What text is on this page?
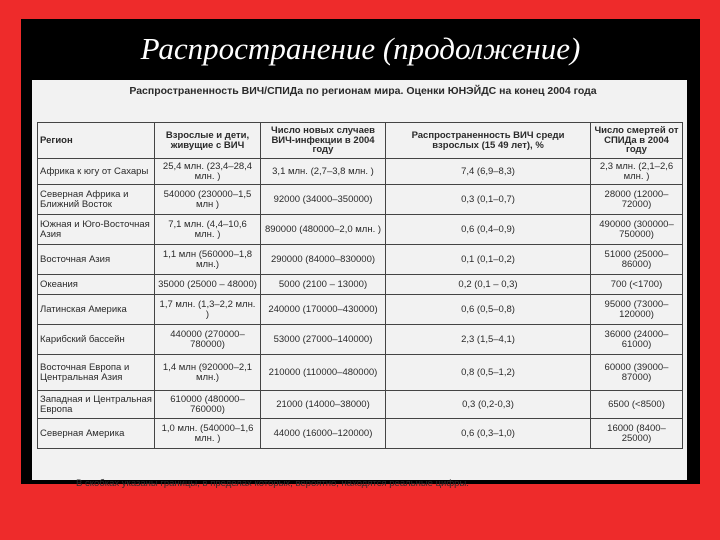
Распространение (продолжение)
Распространенность ВИЧ/СПИДа по регионам мира. Оценки ЮНЭЙДС на конец 2004 года
Регион	Взрослые и дети, живущие с ВИЧ	Число новых случаев ВИЧ-инфекции в 2004 году	Распространенность ВИЧ среди взрослых (15 49 лет), %	Число смертей от СПИДа в 2004 году
Африка к югу от Сахары	25,4 млн. (23,4–28,4 млн. )	3,1 млн. (2,7–3,8 млн. )	7,4 (6,9–8,3)	2,3 млн. (2,1–2,6 млн. )
Северная Африка и Ближний Восток	540000 (230000–1,5 млн )	92000 (34000–350000)	0,3 (0,1–0,7)	28000 (12000–72000)
Южная и Юго-Восточная Азия	7,1 млн. (4,4–10,6 млн. )	890000 (480000–2,0 млн. )	0,6 (0,4–0,9)	490000 (300000–750000)
Восточная Азия	1,1 млн (560000–1,8 млн.)	290000 (84000–830000)	0,1 (0,1–0,2)	51000 (25000–86000)
Океания	35000 (25000 – 48000)	5000 (2100 – 13000)	0,2 (0,1 – 0,3)	700 (<1700)
Латинская Америка	1,7 млн. (1,3–2,2 млн. )	240000 (170000–430000)	0,6 (0,5–0,8)	95000 (73000–120000)
Карибский бассейн	440000 (270000–780000)	53000 (27000–140000)	2,3 (1,5–4,1)	36000 (24000–61000)
Восточная Европа и Центральная Азия	1,4 млн (920000–2,1 млн.)	210000 (110000–480000)	0,8 (0,5–1,2)	60000 (39000–87000)
Западная и Центральная Европа	610000 (480000–760000)	21000 (14000–38000)	0,3 (0,2-0,3)	6500 (<8500)
Северная Америка	1,0 млн. (540000–1,6 млн. )	44000 (16000–120000)	0,6 (0,3–1,0)	16000 (8400–25000)
В скобках указаны границы, в пределах которых, вероятно, находятся реальные цифры.
